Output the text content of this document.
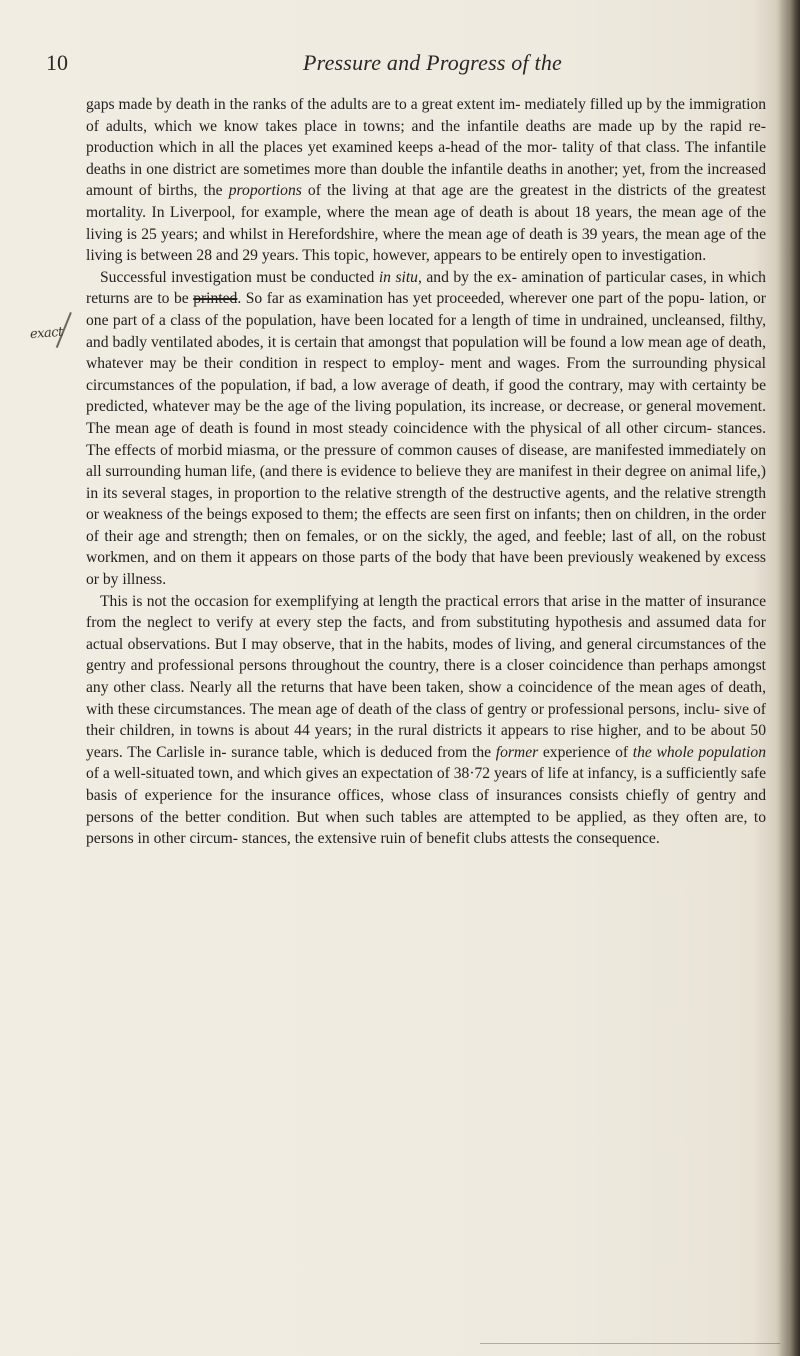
10	Pressure and Progress of the
exact

gaps made by death in the ranks of the adults are to a great extent im- mediately filled up by the immigration of adults, which we know takes place in towns; and the infantile deaths are made up by the rapid re- production which in all the places yet examined keeps a-head of the mor- tality of that class. The infantile deaths in one district are sometimes more than double the infantile deaths in another; yet, from the increased amount of births, the proportions of the living at that age are the greatest in the districts of the greatest mortality. In Liverpool, for example, where the mean age of death is about 18 years, the mean age of the living is 25 years; and whilst in Herefordshire, where the mean age of death is 39 years, the mean age of the living is between 28 and 29 years. This topic, however, appears to be entirely open to investigation.

Successful investigation must be conducted in situ, and by the ex- amination of particular cases, in which returns are to be printed. So far as examination has yet proceeded, wherever one part of the popu- lation, or one part of a class of the population, have been located for a length of time in undrained, uncleansed, filthy, and badly ventilated abodes, it is certain that amongst that population will be found a low mean age of death, whatever may be their condition in respect to employ- ment and wages. From the surrounding physical circumstances of the population, if bad, a low average of death, if good the contrary, may with certainty be predicted, whatever may be the age of the living population, its increase, or decrease, or general movement. The mean age of death is found in most steady coincidence with the physical of all other circum- stances. The effects of morbid miasma, or the pressure of common causes of disease, are manifested immediately on all surrounding human life, (and there is evidence to believe they are manifest in their degree on animal life,) in its several stages, in proportion to the relative strength of the destructive agents, and the relative strength or weakness of the beings exposed to them; the effects are seen first on infants; then on children, in the order of their age and strength; then on females, or on the sickly, the aged, and feeble; last of all, on the robust workmen, and on them it appears on those parts of the body that have been previously weakened by excess or by illness.

This is not the occasion for exemplifying at length the practical errors that arise in the matter of insurance from the neglect to verify at every step the facts, and from substituting hypothesis and assumed data for actual observations. But I may observe, that in the habits, modes of living, and general circumstances of the gentry and professional persons throughout the country, there is a closer coincidence than perhaps amongst any other class. Nearly all the returns that have been taken, show a coincidence of the mean ages of death, with these circumstances. The mean age of death of the class of gentry or professional persons, inclu- sive of their children, in towns is about 44 years; in the rural districts it appears to rise higher, and to be about 50 years. The Carlisle in- surance table, which is deduced from the former experience of the whole population of a well-situated town, and which gives an expectation of 38·72 years of life at infancy, is a sufficiently safe basis of experience for the insurance offices, whose class of insurances consists chiefly of gentry and persons of the better condition. But when such tables are attempted to be applied, as they often are, to persons in other circum- stances, the extensive ruin of benefit clubs attests the consequence.
